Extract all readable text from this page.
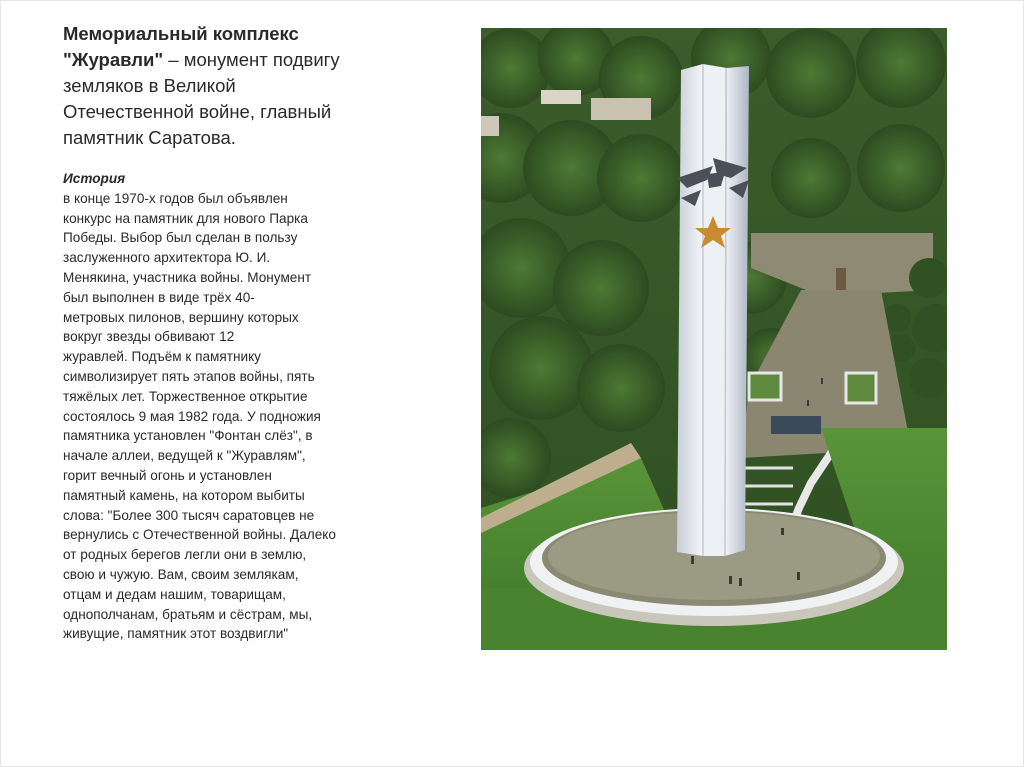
Мемориальный комплекс "Журавли" – монумент подвигу
земляков в Великой
Отечественной войне, главный
памятник Саратова.
История
в конце 1970-х годов был объявлен
конкурс на памятник для нового Парка
Победы. Выбор был сделан в пользу
заслуженного архитектора Ю. И.
Менякина, участника войны. Монумент
был выполнен в виде трёх 40-
метровых пилонов, вершину которых
вокруг звезды обвивают 12
журавлей. Подъём к памятнику
символизирует пять этапов войны, пять
тяжёлых лет. Торжественное открытие
состоялось 9 мая 1982 года. У подножия
памятника установлен "Фонтан слёз", в
начале аллеи, ведущей к "Журавлям",
горит вечный огонь и установлен
памятный камень, на котором выбиты
слова: "Более 300 тысяч саратовцев не
вернулись с Отечественной войны. Далеко
от родных берегов легли они в землю,
свою и чужую. Вам, своим землякам,
отцам и дедам нашим, товарищам,
однополчанам, братьям и сёстрам, мы,
живущие, памятник этот воздвигли"
